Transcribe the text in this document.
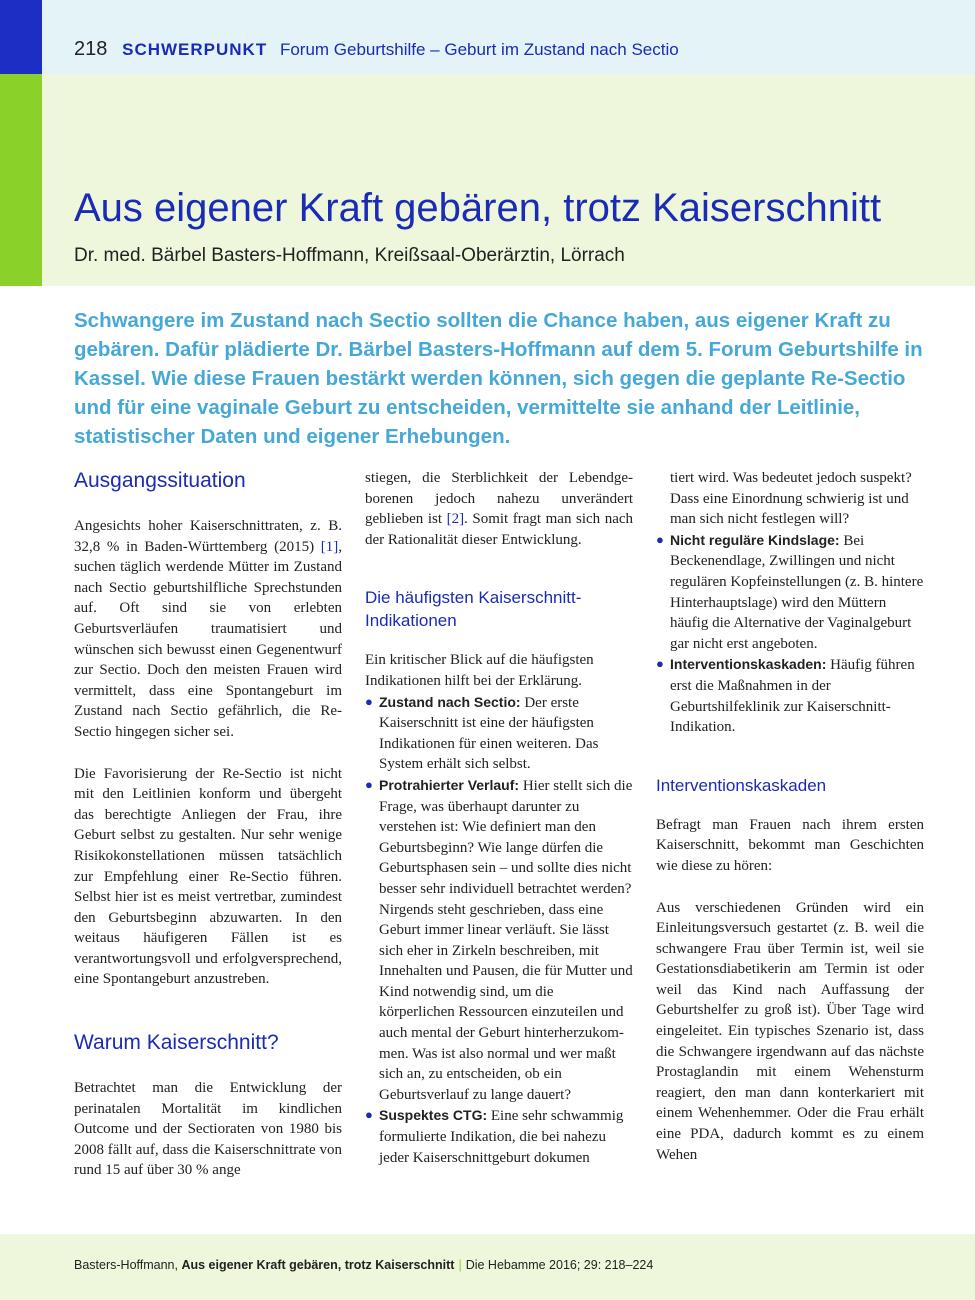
218 SCHWERPUNKT Forum Geburtshilfe – Geburt im Zustand nach Sectio
Aus eigener Kraft gebären, trotz Kaiserschnitt

Dr. med. Bärbel Basters-Hoffmann, Kreißsaal-Oberärztin, Lörrach

Schwangere im Zustand nach Sectio sollten die Chance haben, aus eigener Kraft zu gebären. Dafür plädierte Dr. Bärbel Basters-Hoffmann auf dem 5. Forum Geburtshilfe in Kassel. Wie diese Frauen bestärkt werden können, sich gegen die geplante Re-Sectio und für eine vaginale Geburt zu entscheiden, vermittelte sie anhand der Leitlinie, statistischer Daten und eigener Erhebungen.

Ausgangssituation

Angesichts hoher Kaiserschnittraten, z. B. 32,8 % in Baden-Württemberg (2015) [1], suchen täglich werdende Mütter im Zustand nach Sectio geburtshilfliche Sprechstunden auf. Oft sind sie von erlebten Geburtsverläufen traumatisiert und wünschen sich bewusst einen Gegenentwurf zur Sectio. Doch den meisten Frauen wird vermittelt, dass eine Spontangeburt im Zustand nach Sectio gefährlich, die Re-Sectio hingegen sicher sei.

Die Favorisierung der Re-Sectio ist nicht mit den Leitlinien konform und übergeht das berechtigte Anliegen der Frau, ihre Geburt selbst zu gestalten. Nur sehr wenige Risikokonstellationen müssen tatsächlich zur Empfehlung einer Re-Sectio führen. Selbst hier ist es meist vertretbar, zumindest den Geburtsbeginn abzuwarten. In den weitaus häufigeren Fällen ist es verantwortungsvoll und erfolgversprechend, eine Spontangeburt anzustreben.

Warum Kaiserschnitt?

Betrachtet man die Entwicklung der perinatalen Mortalität im kindlichen Outcome und der Sectioraten von 1980 bis 2008 fällt auf, dass die Kaiserschnittrate von rund 15 auf über 30 % ange

stiegen, die Sterblichkeit der Lebendgeborenen jedoch nahezu unverändert geblieben ist [2]. Somit fragt man sich nach der Rationalität dieser Entwicklung.

Die häufigsten Kaiserschnitt-Indikationen

Ein kritischer Blick auf die häufigsten Indikationen hilft bei der Erklärung.

● Zustand nach Sectio: Der erste Kaiserschnitt ist eine der häufigsten Indikationen für einen weiteren. Das System erhält sich selbst.
● Protrahierter Verlauf: Hier stellt sich die Frage, was überhaupt darunter zu verstehen ist: Wie definiert man den Geburtsbeginn? Wie lange dürfen die Geburtsphasen sein – und sollte dies nicht besser sehr individuell betrachtet werden? Nirgends steht geschrieben, dass eine Geburt immer linear verläuft. Sie lässt sich eher in Zirkeln beschreiben, mit Innehalten und Pausen, die für Mutter und Kind notwendig sind, um die körperlichen Ressourcen einzuteilen und auch mental der Geburt hinterherzukommen. Was ist also normal und wer maßt sich an, zu entscheiden, ob ein Geburtsverlauf zu lange dauert?
● Suspektes CTG: Eine sehr schwammig formulierte Indikation, die bei nahezu jeder Kaiserschnittgeburt dokumen

tiert wird. Was bedeutet jedoch suspekt? Dass eine Einordnung schwierig ist und man sich nicht festlegen will?

● Nicht reguläre Kindslage: Bei Beckenendlage, Zwillingen und nicht regulären Kopfeinstellungen (z. B. hintere Hinterhauptslage) wird den Müttern häufig die Alternative der Vaginalgeburt gar nicht erst angeboten.
● Interventionskaskaden: Häufig führen erst die Maßnahmen in der Geburtshilfeklinik zur Kaiserschnitt-Indikation.
Interventionskaskaden

Befragt man Frauen nach ihrem ersten Kaiserschnitt, bekommt man Geschichten wie diese zu hören:

Aus verschiedenen Gründen wird ein Einleitungsversuch gestartet (z. B. weil die schwangere Frau über Termin ist, weil sie Gestationsdiabetikerin am Termin ist oder weil das Kind nach Auffassung der Geburtshelfer zu groß ist). Über Tage wird eingeleitet. Ein typisches Szenario ist, dass die Schwangere irgendwann auf das nächste Prostaglandin mit einem Wehensturm reagiert, den man dann konterkariert mit einem Wehenhemmer. Oder die Frau erhält eine PDA, dadurch kommt es zu einem Wehen

Basters-Hoffmann, Aus eigener Kraft gebären, trotz Kaiserschnitt | Die Hebamme 2016; 29: 218–224
